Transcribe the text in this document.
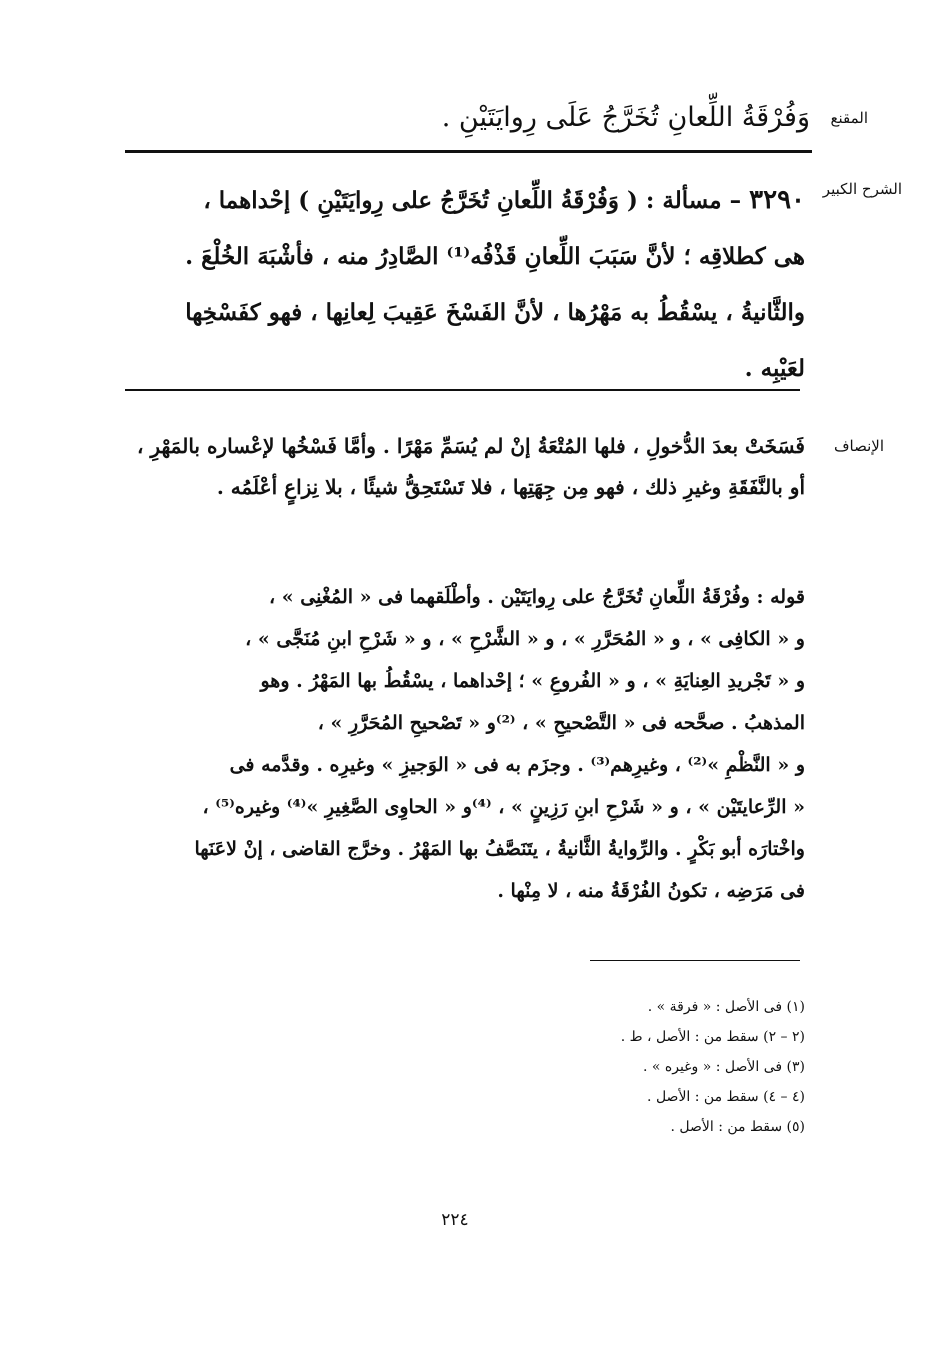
المقنع
وَفُرْقَةُ اللِّعانِ تُخَرَّجُ عَلَى رِوايَتَيْنِ .
الشرح الكبير
٣٢٩٠ – مسألة : ( وَفُرْقَةُ اللِّعانِ تُخَرَّجُ على رِوايَتَيْنِ ) إحْداهما ،
هى كطلاقِه ؛ لأنَّ سَبَبَ اللِّعانِ قَذْفُه⁽¹⁾ الصَّادِرُ منه ، فأشْبَهَ الخُلْعَ .
والثَّانيةُ ، يسْقُطُ به مَهْرُها ، لأنَّ الفَسْخَ عَقِيبَ لِعانِها ، فهو كفَسْخِها
لعَيْبِه .
الإنصاف
فَسَخَتْ بعدَ الدُّخولِ ، فلها المُتْعَةُ إنْ لم يُسَمِّ مَهْرًا . وأمَّا فَسْخُها لإعْساره بالمَهْرِ ،
أو بالنَّفَقَةِ وغيرِ ذلك ، فهو مِن جِهَتِها ، فلا تَسْتَحِقُّ شيئًا ، بلا نِزاعٍ أعْلَمُه .
قوله : وفُرْقَةُ اللِّعانِ تُخَرَّجُ على رِوايَتَيْن . وأطْلَقهما فى « المُغْنِى » ،
و « الكافِى » ، و « المُحَرَّرِ » ، و « الشَّرْحِ » ، و « شَرْحِ ابنِ مُنَجَّى » ،
و « تَجْريدِ العِنايَةِ » ، و « الفُروعِ » ؛ إحْداهما ، يسْقُطُ بها المَهْرُ . وهو
المذهبُ . صحَّحه فى « التَّصْحيحِ » ، ⁽²⁾و « تَصْحيحِ المُحَرَّرِ » ،
و « النَّظْمِ »⁽²⁾ ، وغيرِهم⁽³⁾ . وجزَم به فى « الوَجيزِ » وغيرِه . وقدَّمه فى
« الرِّعايتَيْن » ، و « شَرْحِ ابنِ رَزِينٍ » ، ⁽⁴⁾و « الحاوِى الصَّغِيرِ »⁽⁴⁾ وغيره⁽⁵⁾ ،
واخْتارَه أبو بَكْرٍ . والرِّوايةُ الثَّانيةُ ، يتَنَصَّفُ بها المَهْرُ . وخرَّج القاضى ، إنْ لاعَنَها
فى مَرَضِه ، تكونُ الفُرْقَةُ منه ، لا مِنْها .
(١) فى الأصل : « فرقة » .
(٢ – ٢) سقط من : الأصل ، ط .
(٣) فى الأصل : « وغيره » .
(٤ – ٤) سقط من : الأصل .
(٥) سقط من : الأصل .
٢٢٤
